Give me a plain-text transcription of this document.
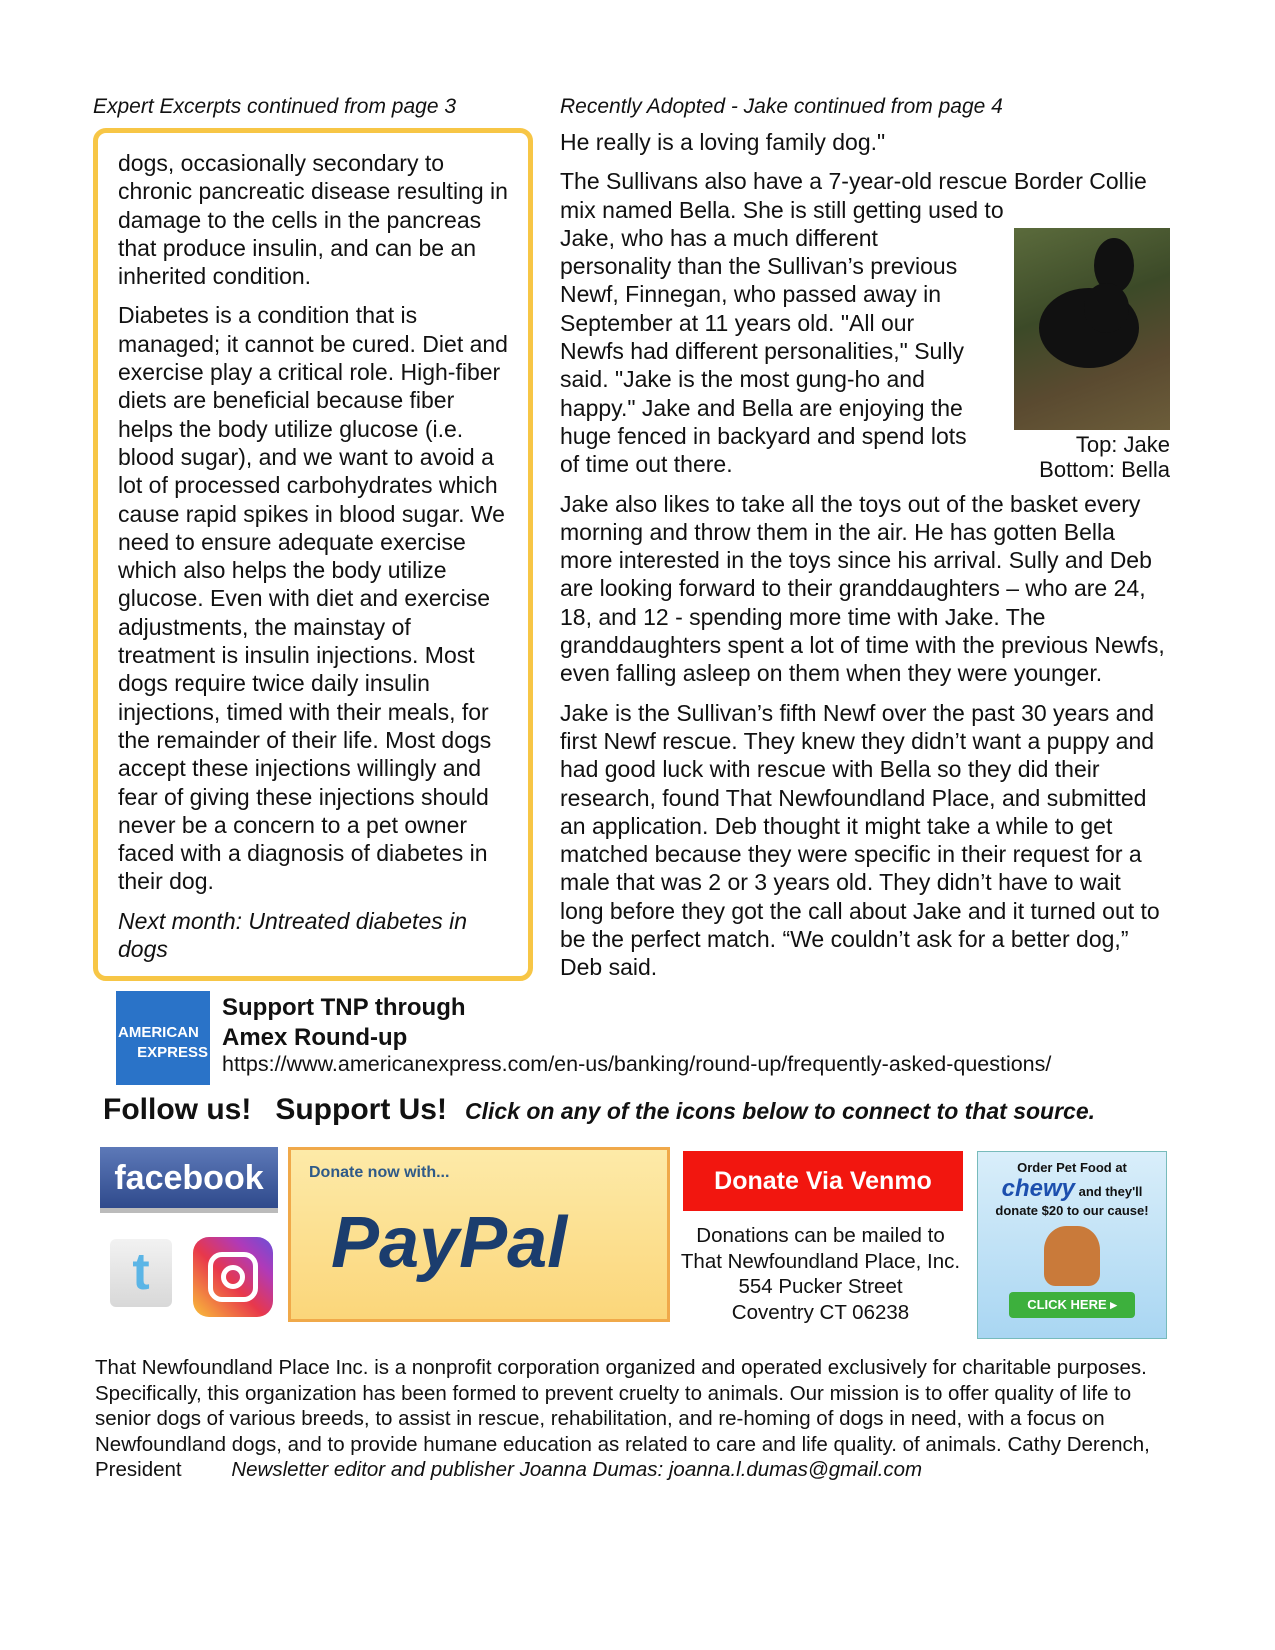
Expert Excerpts continued from page 3

dogs, occasionally secondary to chronic pancreatic disease resulting in damage to the cells in the pancreas that produce insulin, and can be an inherited condition.

Diabetes is a condition that is managed; it cannot be cured. Diet and exercise play a critical role. High-fiber diets are beneficial because fiber helps the body utilize glucose (i.e. blood sugar), and we want to avoid a lot of processed carbohydrates which cause rapid spikes in blood sugar. We need to ensure adequate exercise which also helps the body utilize glucose. Even with diet and exercise adjustments, the mainstay of treatment is insulin injections. Most dogs require twice daily insulin injections, timed with their meals, for the remainder of their life. Most dogs accept these injections willingly and fear of giving these injections should never be a concern to a pet owner faced with a diagnosis of diabetes in their dog.

Next month: Untreated diabetes in dogs

AMERICAN
EXPRESS
Support TNP through Amex Round-up
Recently Adopted - Jake continued from page 4

He really is a loving family dog."

The Sullivans also have a 7-year-old rescue Border Collie mix named Bella. She is still getting used to

Top: Jake
Bottom: Bella

Jake, who has a much different personality than the Sullivan’s previous Newf, Finnegan, who passed away in September at 11 years old. "All our Newfs had different personalities," Sully said. "Jake is the most gung-ho and happy." Jake and Bella are enjoying the huge fenced in backyard and spend lots of time out there.

Jake also likes to take all the toys out of the basket every morning and throw them in the air. He has gotten Bella more interested in the toys since his arrival. Sully and Deb are looking forward to their granddaughters – who are 24, 18, and 12 - spending more time with Jake. The granddaughters spent a lot of time with the previous Newfs, even falling asleep on them when they were younger.

Jake is the Sullivan’s fifth Newf over the past 30 years and first Newf rescue. They knew they didn’t want a puppy and had good luck with rescue with Bella so they did their research, found That Newfoundland Place, and submitted an application. Deb thought it might take a while to get matched because they were specific in their request for a male that was 2 or 3 years old. They didn’t have to wait long before they got the call about Jake and it turned out to be the perfect match. “We couldn’t ask for a better dog,” Deb said.

https://www.americanexpress.com/en-us/banking/round-up/frequently-asked-questions/
Follow us! Support Us! Click on any of the icons below to connect to that source.
facebook
t
Donate now with...
PayPal
Donate Via Venmo
Donations can be mailed to
That Newfoundland Place, Inc.
554 Pucker Street
Coventry CT 06238
Order Pet Food at
chewy and they'll
donate $20 to our cause!
CLICK HERE ▸
That Newfoundland Place Inc. is a nonprofit corporation organized and operated exclusively for charitable purposes. Specifically, this organization has been formed to prevent cruelty to animals. Our mission is to offer quality of life to senior dogs of various breeds, to assist in rescue, rehabilitation, and re-homing of dogs in need, with a focus on Newfoundland dogs, and to provide humane education as related to care and life quality. of animals. Cathy Derench, President Newsletter editor and publisher Joanna Dumas: joanna.l.dumas@gmail.com
